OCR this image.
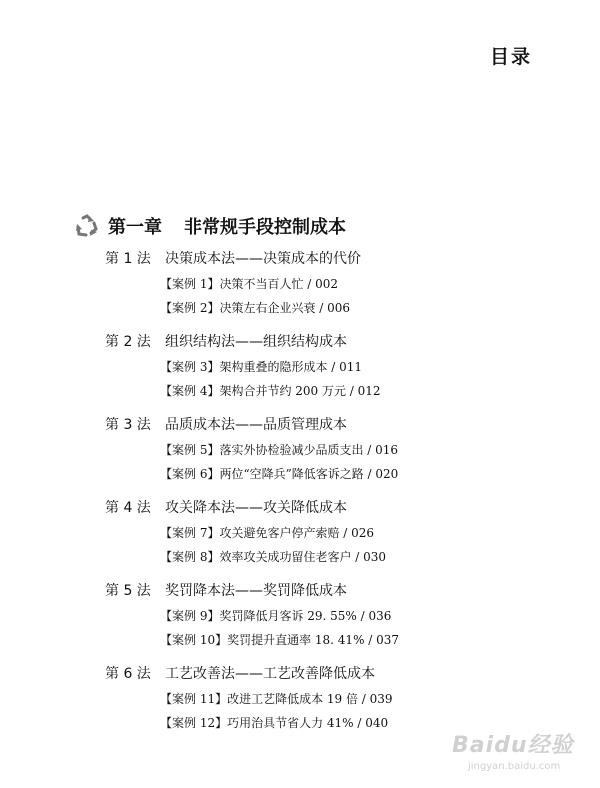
目录
第一章 非常规手段控制成本
第 1 法	决策成本法——决策成本的代价
【案例 1】决策不当百人忙 / 002
【案例 2】决策左右企业兴衰 / 006
第 2 法	组织结构法——组织结构成本
【案例 3】架构重叠的隐形成本 / 011
【案例 4】架构合并节约 200 万元 / 012
第 3 法	品质成本法——品质管理成本
【案例 5】落实外协检验减少品质支出 / 016
【案例 6】两位“空降兵”降低客诉之路 / 020
第 4 法	攻关降本法——攻关降低成本
【案例 7】攻关避免客户停产索赔 / 026
【案例 8】效率攻关成功留住老客户 / 030
第 5 法	奖罚降本法——奖罚降低成本
【案例 9】奖罚降低月客诉 29. 55% / 036
【案例 10】奖罚提升直通率 18. 41% / 037
第 6 法	工艺改善法——工艺改善降低成本
【案例 11】改进工艺降低成本 19 倍 / 039
【案例 12】巧用治具节省人力 41% / 040
Baidu经验
jingyan.baidu.com
